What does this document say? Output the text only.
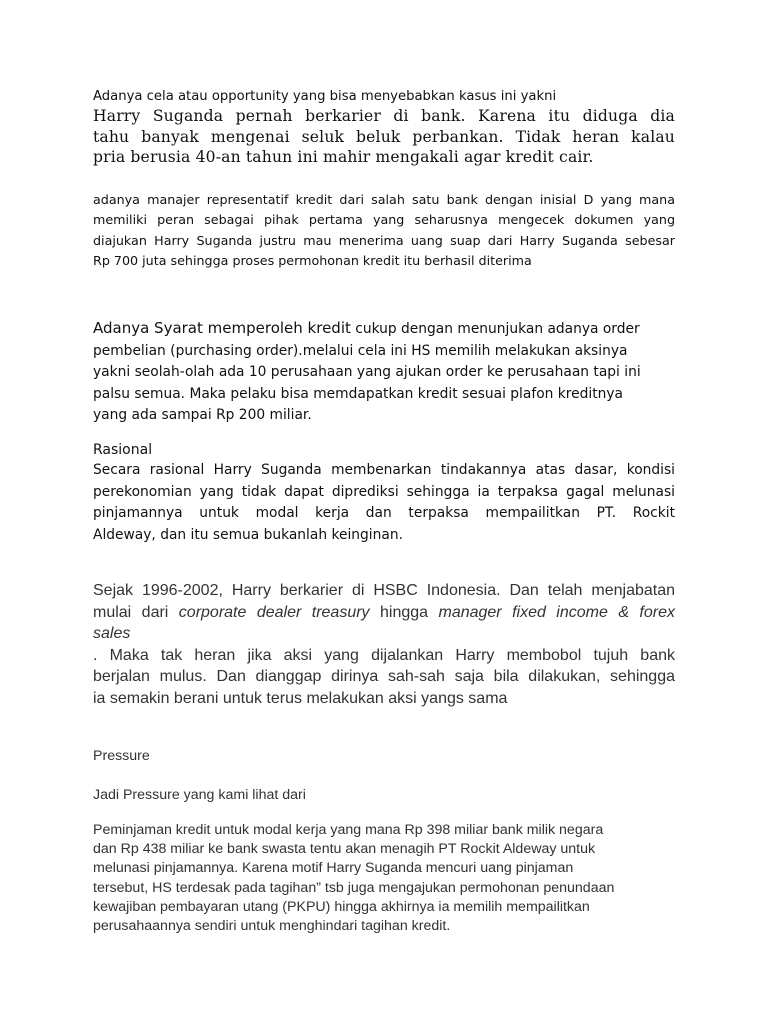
Adanya cela atau opportunity yang bisa menyebabkan kasus ini yakni

Harry Suganda pernah berkarier di bank. Karena itu diduga dia
tahu banyak mengenai seluk beluk perbankan. Tidak heran kalau
pria berusia 40-an tahun ini mahir mengakali agar kredit cair.

adanya manajer representatif kredit dari salah satu bank dengan inisial D yang mana
memiliki peran sebagai pihak pertama yang seharusnya mengecek dokumen yang
diajukan Harry Suganda justru mau menerima uang suap dari Harry Suganda sebesar
Rp 700 juta sehingga proses permohonan kredit itu berhasil diterima

Adanya Syarat memperoleh kredit cukup dengan menunjukan adanya order
pembelian (purchasing order).melalui cela ini HS memilih melakukan aksinya
yakni seolah-olah ada 10 perusahaan yang ajukan order ke perusahaan tapi ini
palsu semua. Maka pelaku bisa memdapatkan kredit sesuai plafon kreditnya
yang ada sampai Rp 200 miliar.

Rasional

Secara rasional Harry Suganda membenarkan tindakannya atas dasar, kondisi
perekonomian yang tidak dapat diprediksi sehingga ia terpaksa gagal melunasi
pinjamannya untuk modal kerja dan terpaksa mempailitkan PT. Rockit
Aldeway, dan itu semua bukanlah keinginan.

Sejak 1996-2002, Harry berkarier di HSBC Indonesia. Dan telah menjabatan
mulai dari corporate dealer treasury hingga manager fixed income & forex
sales
. Maka tak heran jika aksi yang dijalankan Harry membobol tujuh bank
berjalan mulus. Dan dianggap dirinya sah-sah saja bila dilakukan, sehingga
ia semakin berani untuk terus melakukan aksi yangs sama

Pressure

Jadi Pressure yang kami lihat dari

Peminjaman kredit untuk modal kerja yang mana Rp 398 miliar bank milik negara
dan Rp 438 miliar ke bank swasta tentu akan menagih PT Rockit Aldeway untuk
melunasi pinjamannya. Karena motif Harry Suganda mencuri uang pinjaman
tersebut, HS terdesak pada tagihan” tsb juga mengajukan permohonan penundaan
kewajiban pembayaran utang (PKPU) hingga akhirnya ia memilih mempailitkan
perusahaannya sendiri untuk menghindari tagihan kredit.
